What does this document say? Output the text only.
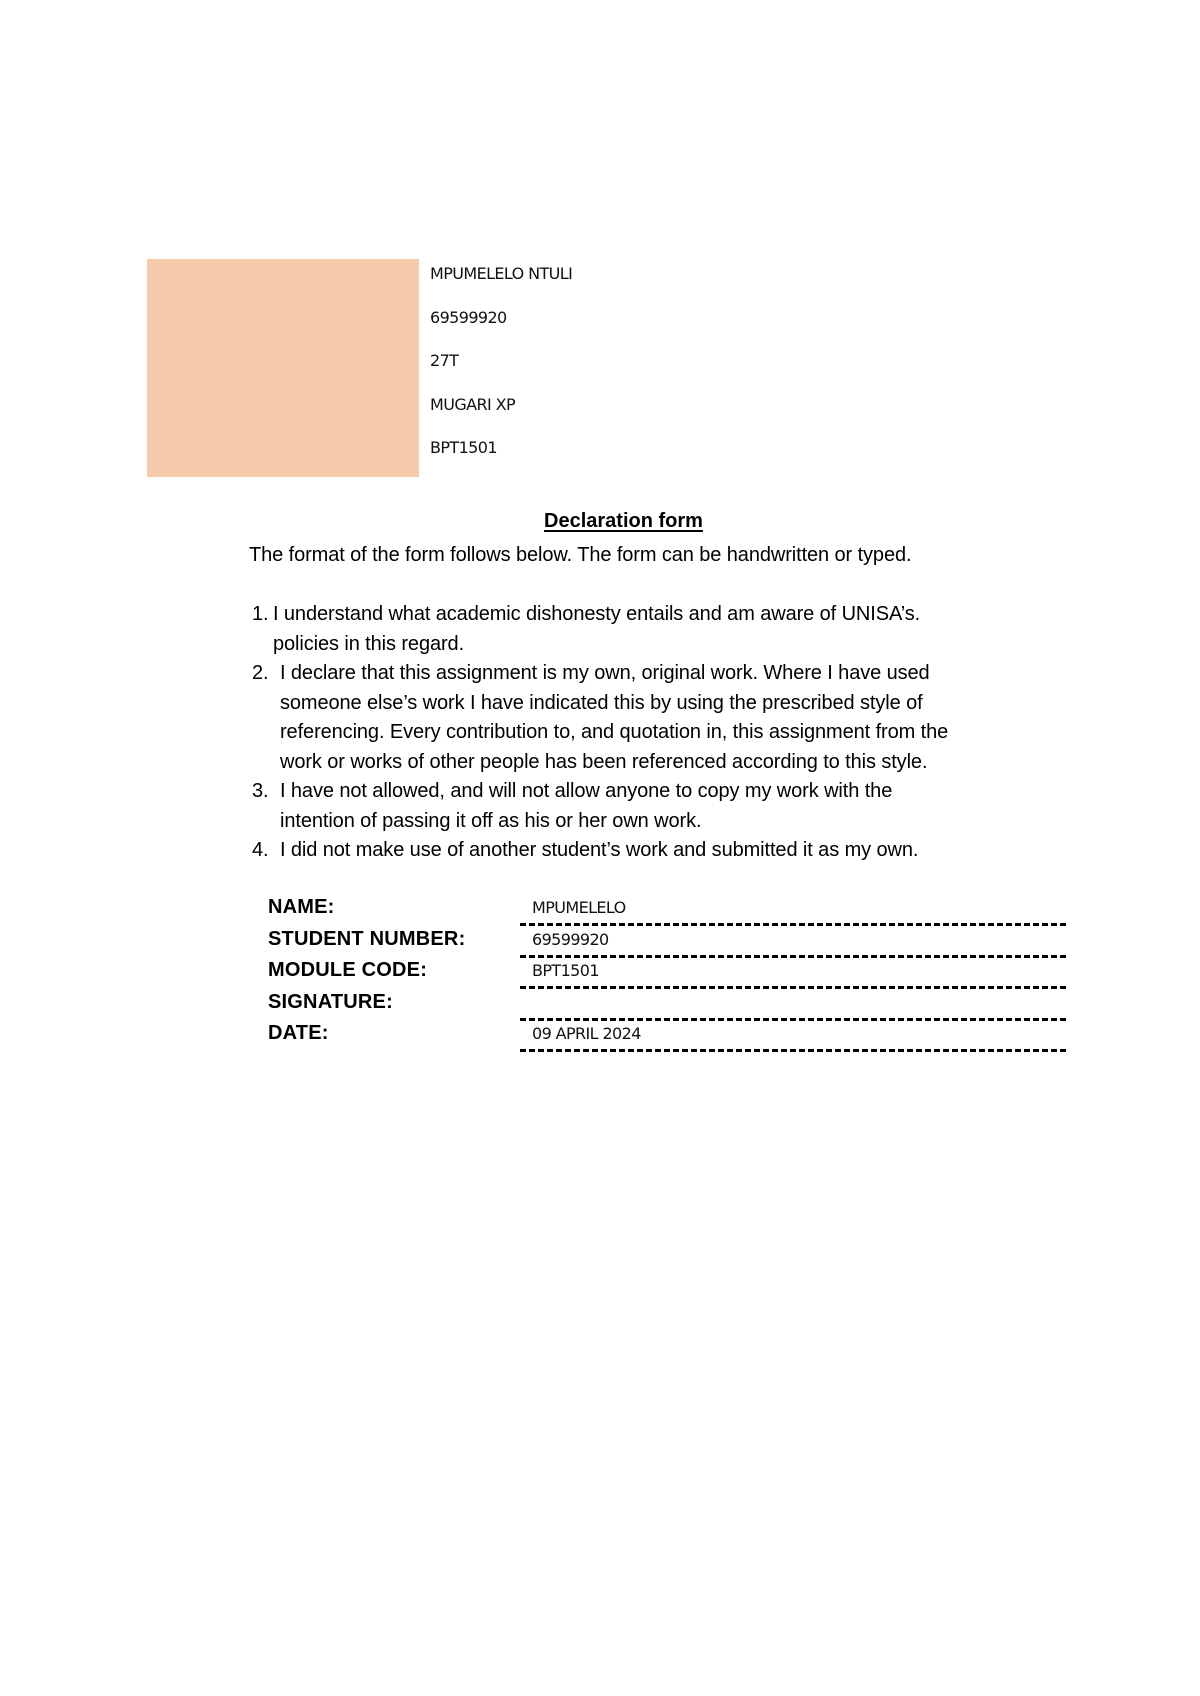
MPUMELELO NTULI
69599920
27T
MUGARI XP
BPT1501
Declaration form
The format of the form follows below. The form can be handwritten or typed.
1. I understand what academic dishonesty entails and am aware of UNISA’s.
policies in this regard.
2. I declare that this assignment is my own, original work. Where I have used
someone else’s work I have indicated this by using the prescribed style of
referencing. Every contribution to, and quotation in, this assignment from the
work or works of other people has been referenced according to this style.
3. I have not allowed, and will not allow anyone to copy my work with the
intention of passing it off as his or her own work.
4. I did not make use of another student’s work and submitted it as my own.
NAME:	MPUMELELO
STUDENT NUMBER:	69599920
MODULE CODE:	BPT1501
SIGNATURE:
DATE:	09 APRIL 2024
